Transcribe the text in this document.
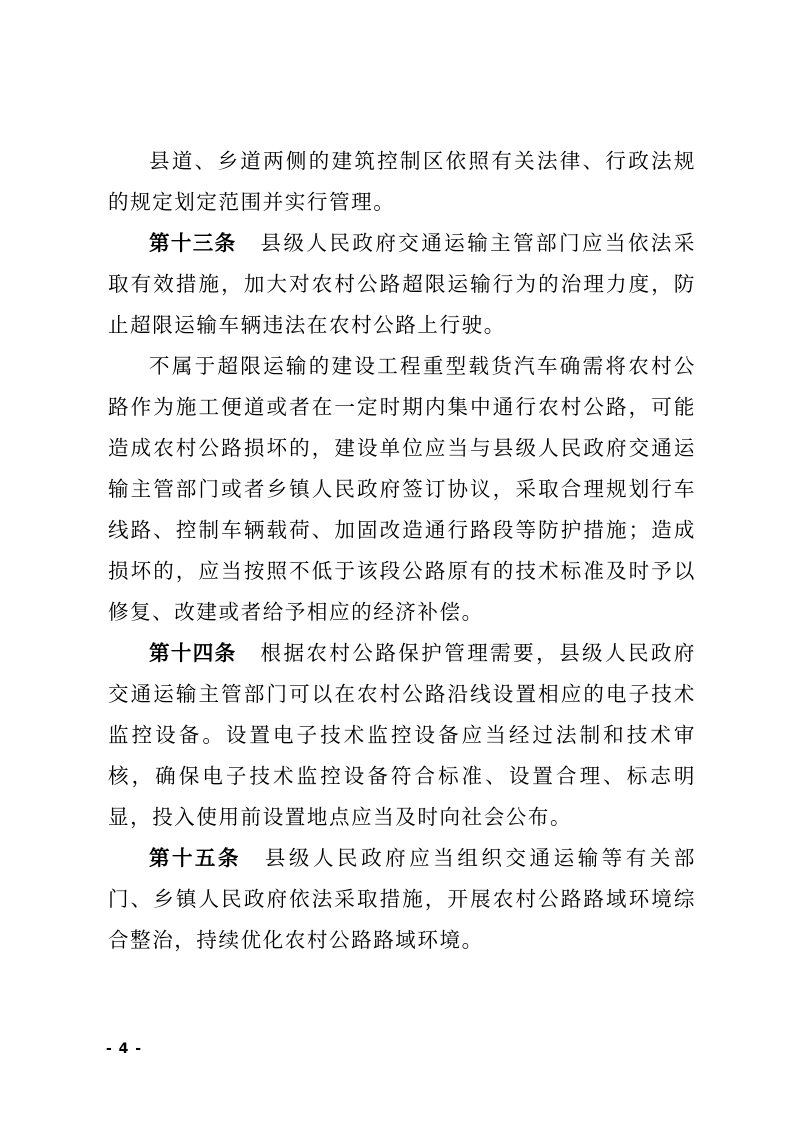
县道、乡道两侧的建筑控制区依照有关法律、行政法规的规定划定范围并实行管理。

第十三条 县级人民政府交通运输主管部门应当依法采取有效措施，加大对农村公路超限运输行为的治理力度，防止超限运输车辆违法在农村公路上行驶。

不属于超限运输的建设工程重型载货汽车确需将农村公路作为施工便道或者在一定时期内集中通行农村公路，可能造成农村公路损坏的，建设单位应当与县级人民政府交通运输主管部门或者乡镇人民政府签订协议，采取合理规划行车线路、控制车辆载荷、加固改造通行路段等防护措施；造成损坏的，应当按照不低于该段公路原有的技术标准及时予以修复、改建或者给予相应的经济补偿。

第十四条 根据农村公路保护管理需要，县级人民政府交通运输主管部门可以在农村公路沿线设置相应的电子技术监控设备。设置电子技术监控设备应当经过法制和技术审核，确保电子技术监控设备符合标准、设置合理、标志明显，投入使用前设置地点应当及时向社会公布。

第十五条 县级人民政府应当组织交通运输等有关部门、乡镇人民政府依法采取措施，开展农村公路路域环境综合整治，持续优化农村公路路域环境。

- 4 -
